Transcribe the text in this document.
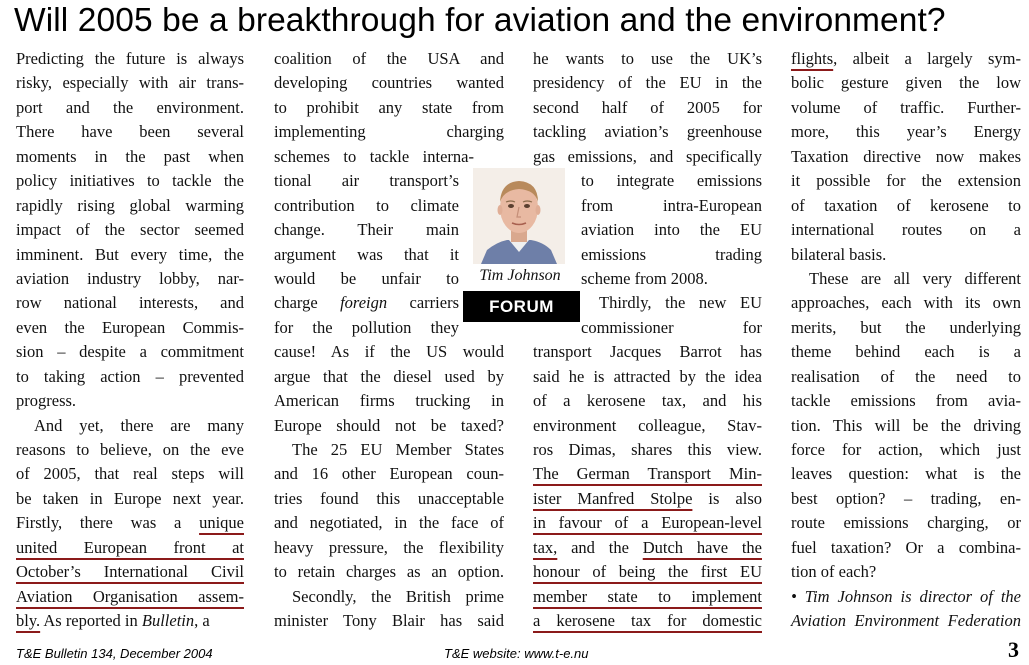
Will 2005 be a breakthrough for aviation and the environment?
Predicting the future is always
risky, especially with air trans-
port and the environment.
There have been several
moments in the past when
policy initiatives to tackle the
rapidly rising global warming
impact of the sector seemed
imminent. But every time, the
aviation industry lobby, nar-
row national interests, and
even the European Commis-
sion – despite a commitment
to taking action – prevented
progress.
And yet, there are many
reasons to believe, on the eve
of 2005, that real steps will
be taken in Europe next year.
Firstly, there was a unique
united European front at
October’s International Civil
Aviation Organisation assem-
bly. As reported in Bulletin, a
coalition of the USA and
developing countries wanted
to prohibit any state from
implementing charging
schemes to tackle interna-
tional air transport’s
contribution to climate
change. Their main
argument was that it
would be unfair to
charge foreign carriers
for the pollution they
cause! As if the US would
argue that the diesel used by
American firms trucking in
Europe should not be taxed?
The 25 EU Member States
and 16 other European coun-
tries found this unacceptable
and negotiated, in the face of
heavy pressure, the flexibility
to retain charges as an option.
Secondly, the British prime
minister Tony Blair has said
he wants to use the UK’s
presidency of the EU in the
second half of 2005 for
tackling aviation’s greenhouse
gas emissions, and specifically
to integrate emissions
from intra-European
aviation into the EU
emissions trading
scheme from 2008.
Thirdly, the new EU
commissioner for
transport Jacques Barrot has
said he is attracted by the idea
of a kerosene tax, and his
environment colleague, Stav-
ros Dimas, shares this view.
The German Transport Min-
ister Manfred Stolpe is also
in favour of a European-level
tax, and the Dutch have the
honour of being the first EU
member state to implement
a kerosene tax for domestic
flights, albeit a largely sym-
bolic gesture given the low
volume of traffic. Further-
more, this year’s Energy
Taxation directive now makes
it possible for the extension
of taxation of kerosene to
international routes on a
bilateral basis.
These are all very different
approaches, each with its own
merits, but the underlying
theme behind each is a
realisation of the need to
tackle emissions from avia-
tion. This will be the driving
force for action, which just
leaves question: what is the
best option? – trading, en-
route emissions charging, or
fuel taxation? Or a combina-
tion of each?
• Tim Johnson is director of the
Aviation Environment Federation
Tim Johnson
FORUM
T&E Bulletin 134, December 2004	T&E website: www.t-e.nu	3
